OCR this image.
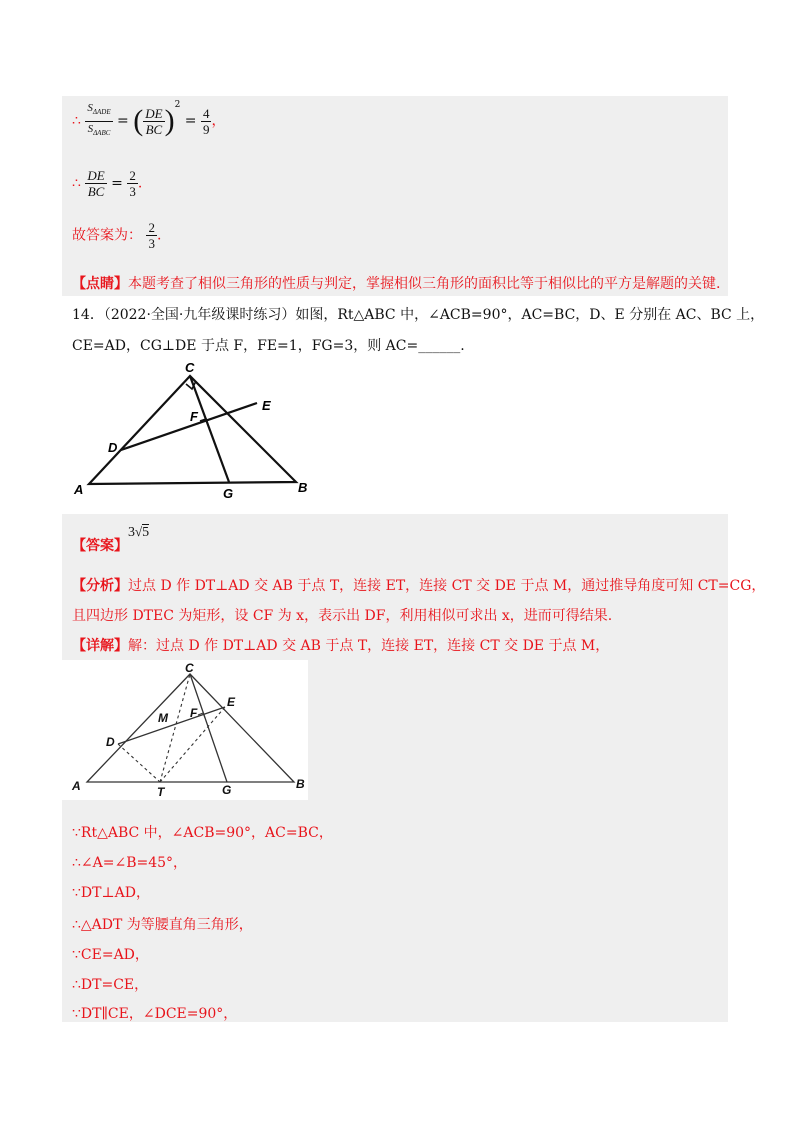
∴ $\frac{S_{\Delta ADE}}{S_{\Delta ABC}}$ = ( $\frac{DE}{BC} )^2 = \frac{4}{9}$ ，
∴ $\frac{DE}{BC} = \frac{2}{3}$ .
故答案为： $\frac{2}{3}$ .
【点睛】本题考查了相似三角形的性质与判定，掌握相似三角形的面积比等于相似比的平方是解题的关键.
14．（2022·全国·九年级课时练习）如图，Rt△ABC 中，∠ACB=90°，AC=BC，D、E 分别在 AC、BC 上，
CE=AD，CG⊥DE 于点 F，FE=1，FG=3，则 AC=______.
C
E
F
D
A	G	B
【答案】3√5
【分析】过点 D 作 DT⊥AD 交 AB 于点 T，连接 ET，连接 CT 交 DE 于点 M，通过推导角度可知 CT=CG，
且四边形 DTEC 为矩形，设 CF 为 x，表示出 DF，利用相似可求出 x，进而可得结果.
【详解】解：过点 D 作 DT⊥AD 交 AB 于点 T，连接 ET，连接 CT 交 DE 于点 M，
C
E
M F
D
A	T	G	B
∵Rt△ABC 中，∠ACB=90°，AC=BC，
∴∠A=∠B=45°，
∵DT⊥AD，
∴△ADT 为等腰直角三角形，
∵CE=AD，
∴DT=CE，
∵DT∥CE，∠DCE=90°，
